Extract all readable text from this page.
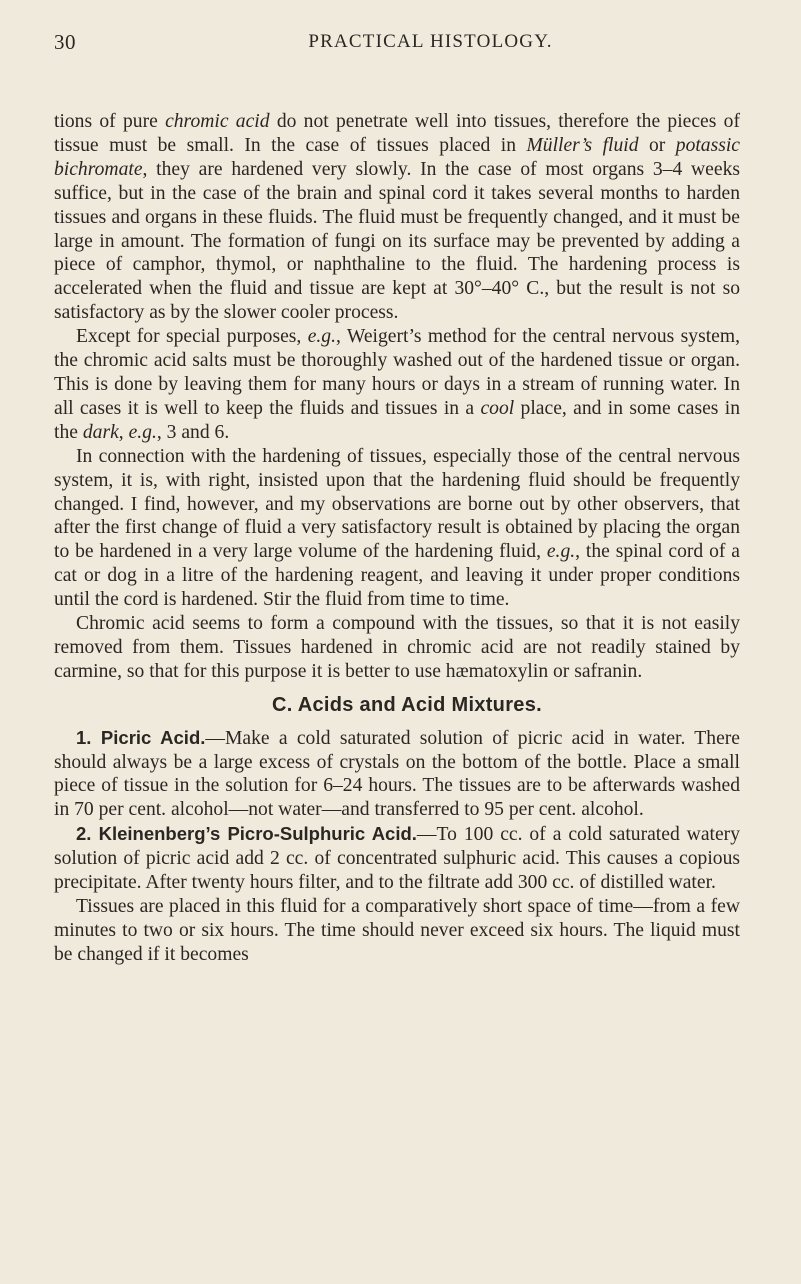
30	PRACTICAL HISTOLOGY.

tions of pure chromic acid do not penetrate well into tissues, therefore the pieces of tissue must be small. In the case of tissues placed in Müller’s fluid or potassic bichromate, they are hardened very slowly. In the case of most organs 3–4 weeks suffice, but in the case of the brain and spinal cord it takes several months to harden tissues and organs in these fluids. The fluid must be frequently changed, and it must be large in amount. The formation of fungi on its surface may be prevented by adding a piece of camphor, thymol, or naphthaline to the fluid. The hardening process is accelerated when the fluid and tissue are kept at 30°–40° C., but the result is not so satisfactory as by the slower cooler process.

Except for special purposes, e.g., Weigert’s method for the central nervous system, the chromic acid salts must be thoroughly washed out of the hardened tissue or organ. This is done by leaving them for many hours or days in a stream of running water. In all cases it is well to keep the fluids and tissues in a cool place, and in some cases in the dark, e.g., 3 and 6.

In connection with the hardening of tissues, especially those of the central nervous system, it is, with right, insisted upon that the hardening fluid should be frequently changed. I find, however, and my observations are borne out by other observers, that after the first change of fluid a very satisfactory result is obtained by placing the organ to be hardened in a very large volume of the hardening fluid, e.g., the spinal cord of a cat or dog in a litre of the hardening reagent, and leaving it under proper conditions until the cord is hardened. Stir the fluid from time to time.

Chromic acid seems to form a compound with the tissues, so that it is not easily removed from them. Tissues hardened in chromic acid are not readily stained by carmine, so that for this purpose it is better to use hæmatoxylin or safranin.

C. Acids and Acid Mixtures.

1. Picric Acid.—Make a cold saturated solution of picric acid in water. There should always be a large excess of crystals on the bottom of the bottle. Place a small piece of tissue in the solution for 6–24 hours. The tissues are to be afterwards washed in 70 per cent. alcohol—not water—and transferred to 95 per cent. alcohol.

2. Kleinenberg’s Picro-Sulphuric Acid.—To 100 cc. of a cold saturated watery solution of picric acid add 2 cc. of concentrated sulphuric acid. This causes a copious precipitate. After twenty hours filter, and to the filtrate add 300 cc. of distilled water.

Tissues are placed in this fluid for a comparatively short space of time—from a few minutes to two or six hours. The time should never exceed six hours. The liquid must be changed if it becomes
